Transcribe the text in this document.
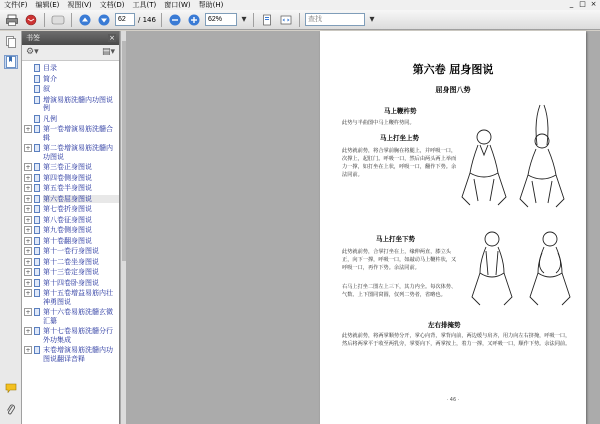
文件(F) 编辑(E) 视图(V) 文档(D) 工具(T) 窗口(W) 帮助(H)	_ □ ×
62
/ 146
62%	▾
查找	▾
书签	×
⚙▾	▤▾
目录
简介
叙
增演易筋洗髓内功图说例
凡例
+ 第一卷增演易筋洗髓合辑
+ 第二卷增演易筋洗髓内功图说
+ 第三卷正身图说
+ 第四卷侧身图说
+ 第五卷半身图说
+ 第六卷屈身图说
+ 第七卷折身图说
+ 第八卷征身图说
+ 第九卷侧身图说
+ 第十卷翻身图说
+ 第十一卷行身图说
+ 第十二卷坐身图说
+ 第十三卷定身图说
+ 第十四卷卧身图说
+ 第十五卷增益易筋内壮神勇图说
+ 第十六卷易筋洗髓玄微汇纂
+ 第十七卷易筋洗髓分行外功集成
+ 末卷增演易筋洗髓内功图说翻译音释
第六卷 屈身图说
屈身图八势
马上鞭杵势
此势与半曲图中马上鞭杵势同。
马上打坐上势
此势就前势，将合掌前胸在将腿上，并呼吸一口，次撑上，起肛门。呼吸一口，然后由两头两上举而力一撑，如打坐在上状，呼吸一口，翻作下势。余法同前。
马上打坐下势
此势就前势，合掌打坐在上，缘伸两直，膝立头正，向下一撑，呼吸一口，如敲动马上鞭杵状，又呼吸一口，再作下势。余法同前。
右马上打坐二图左上三下，其力内全。每次体势、气数、上下图同窝圆，仅列二势者，省略也。
左右排掩势
此势就前势，将两掌顺势分开，掌心向背，掌背向前，两边缓与肩齐，用力向左右挤掩，呼吸一口，然后将两掌平于收至两乳旁，掌要向下，两掌按上，着力一撑，又呼吸一口，顺作下势。余法同前。
· 46 ·
